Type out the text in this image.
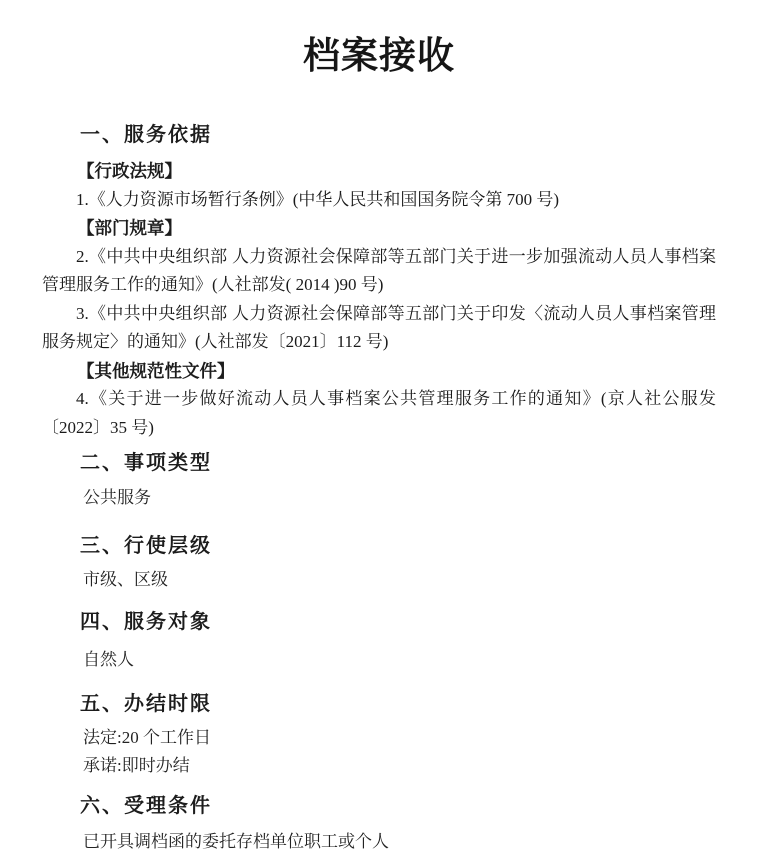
档案接收
一、服务依据

【行政法规】

1.《人力资源市场暂行条例》(中华人民共和国国务院令第 700 号)

【部门规章】

2.《中共中央组织部 人力资源社会保障部等五部门关于进一步加强流动人员人事档案管理服务工作的通知》(人社部发( 2014 )90 号)

3.《中共中央组织部 人力资源社会保障部等五部门关于印发〈流动人员人事档案管理服务规定〉的通知》(人社部发〔2021〕112 号)

【其他规范性文件】

4.《关于进一步做好流动人员人事档案公共管理服务工作的通知》(京人社公服发〔2022〕35 号)

二、事项类型

公共服务

三、行使层级

市级、区级

四、服务对象

自然人

五、办结时限

法定:20 个工作日

承诺:即时办结

六、受理条件

已开具调档函的委托存档单位职工或个人
